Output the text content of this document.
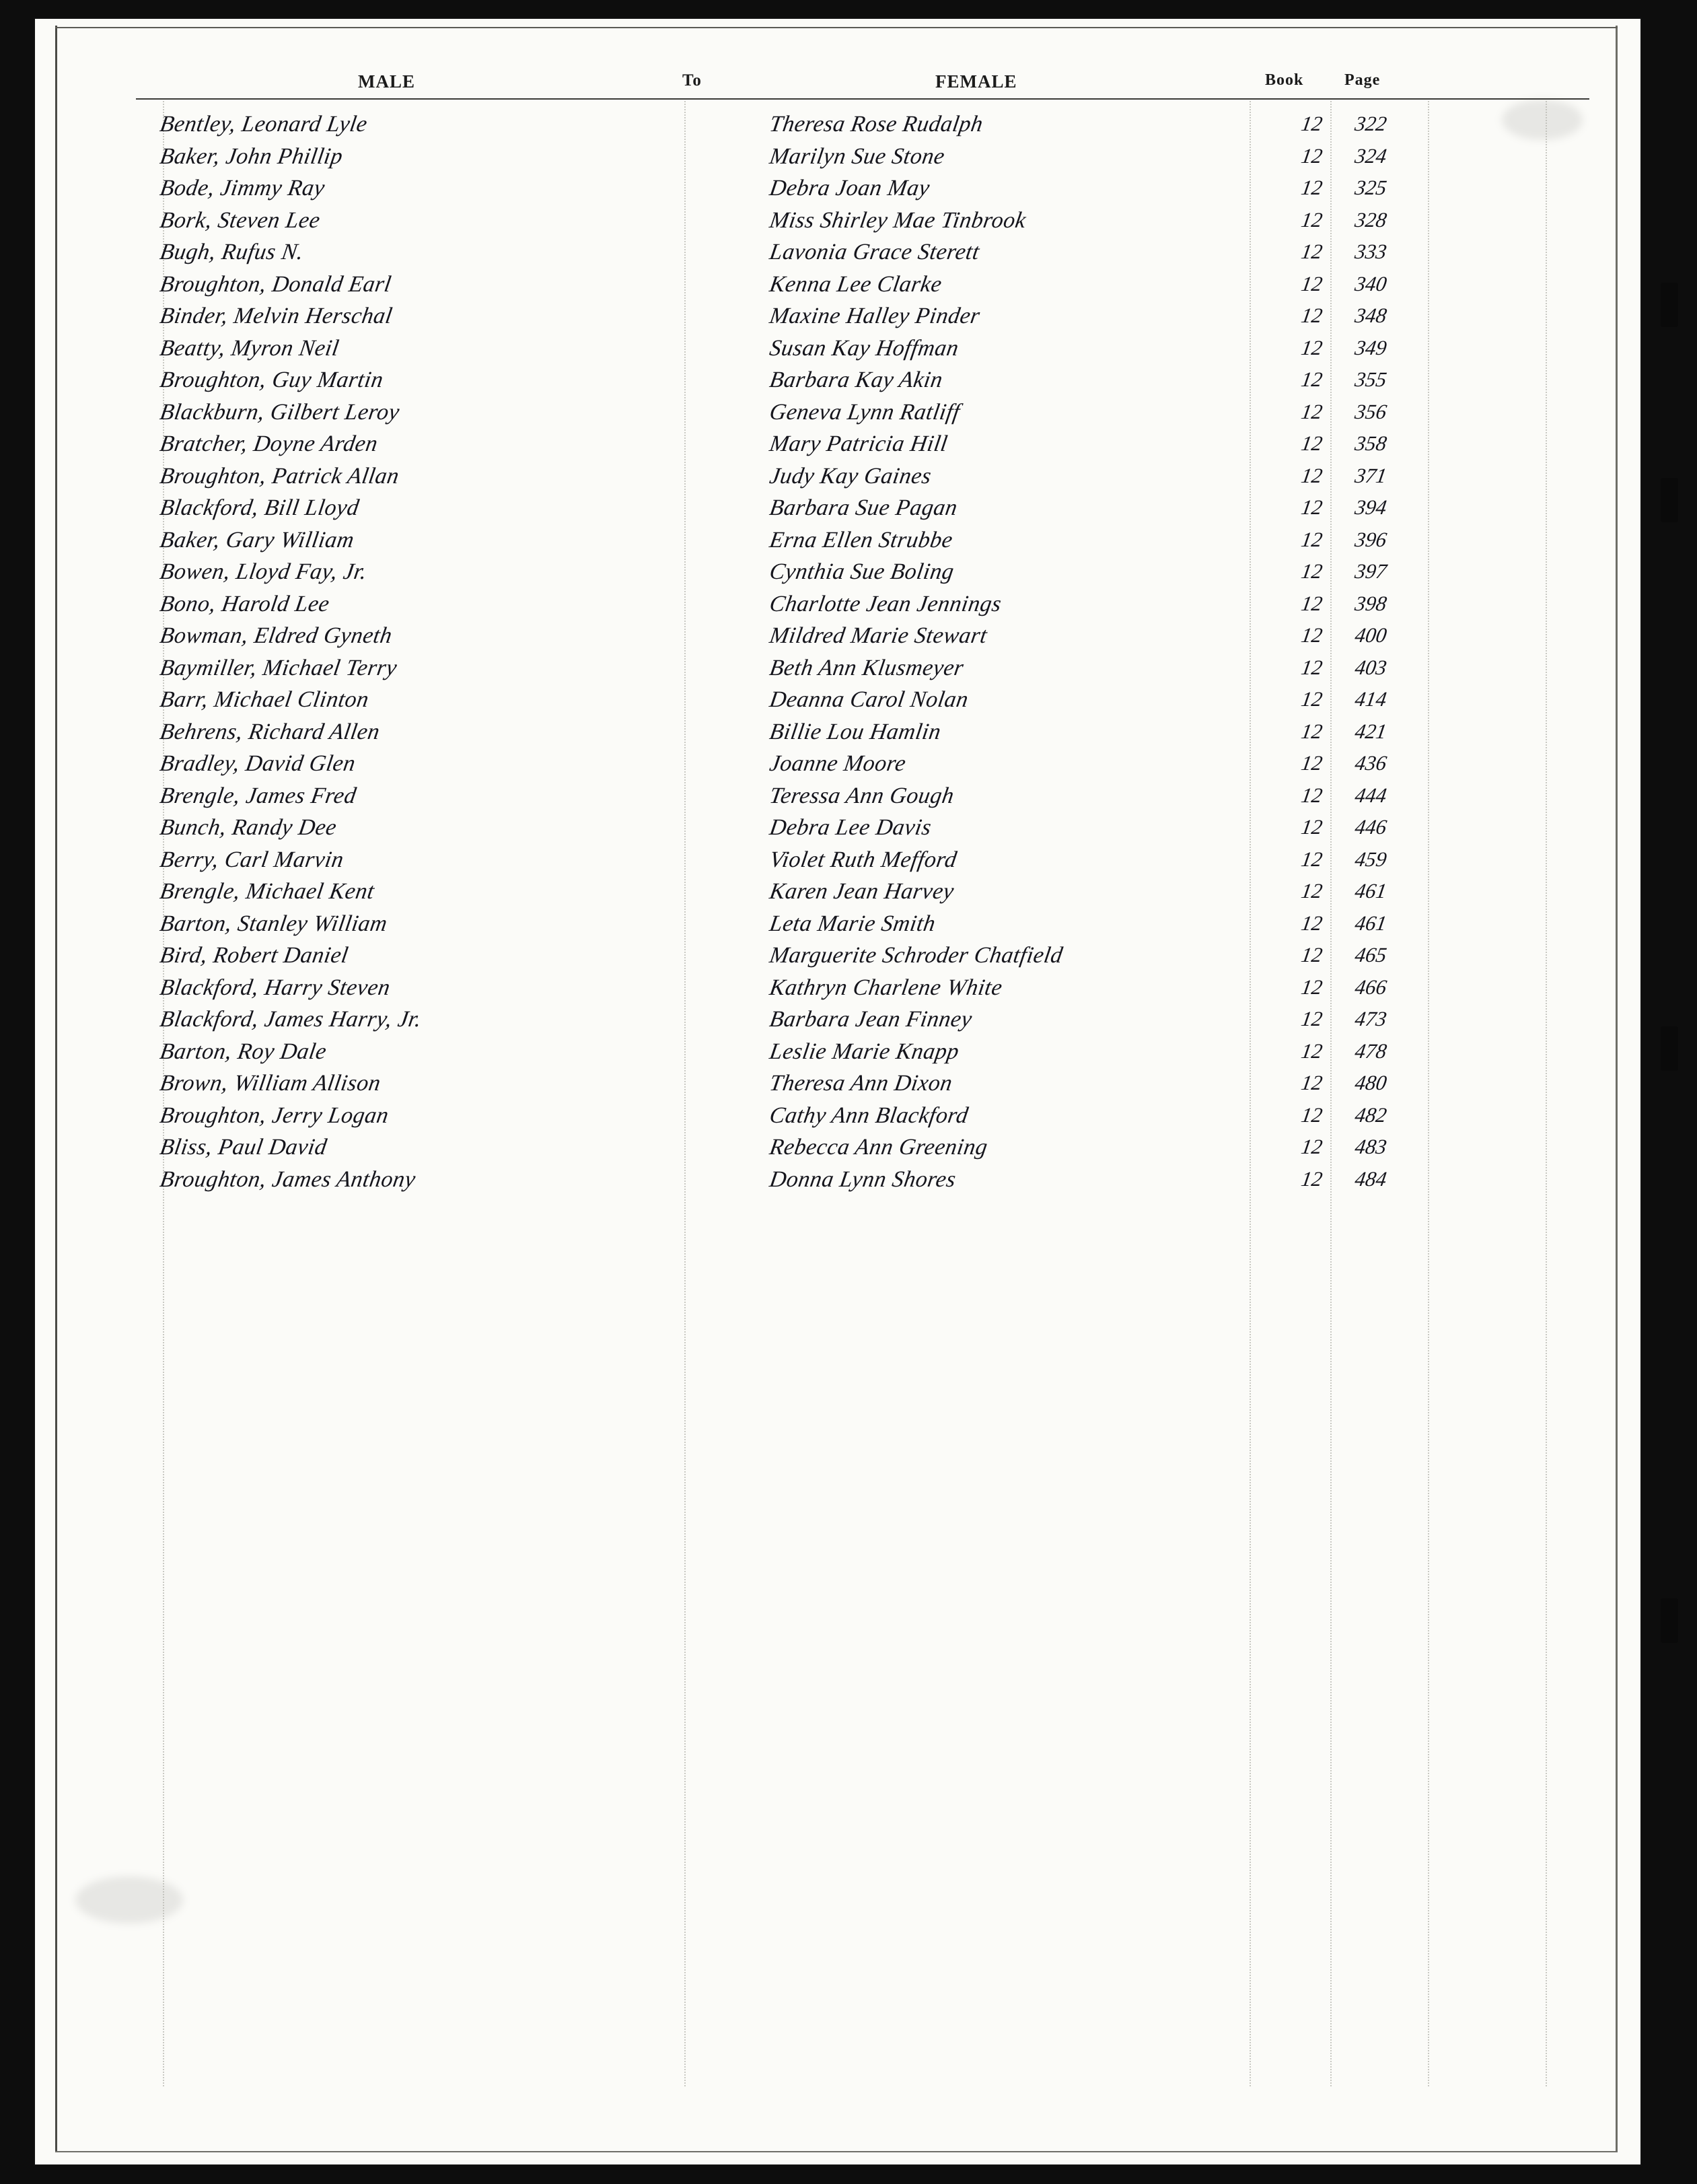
MALE	To	FEMALE	Book	Page
Bentley, Leonard Lyle	Theresa Rose Rudalph	12 322
Baker, John Phillip	Marilyn Sue Stone	12 324
Bode, Jimmy Ray	Debra Joan May	12 325
Bork, Steven Lee	Miss Shirley Mae Tinbrook	12 328
Bugh, Rufus N.	Lavonia Grace Sterett	12 333
Broughton, Donald Earl	Kenna Lee Clarke	12 340
Binder, Melvin Herschal	Maxine Halley Pinder	12 348
Beatty, Myron Neil	Susan Kay Hoffman	12 349
Broughton, Guy Martin	Barbara Kay Akin	12 355
Blackburn, Gilbert Leroy	Geneva Lynn Ratliff	12 356
Bratcher, Doyne Arden	Mary Patricia Hill	12 358
Broughton, Patrick Allan	Judy Kay Gaines	12 371
Blackford, Bill Lloyd	Barbara Sue Pagan	12 394
Baker, Gary William	Erna Ellen Strubbe	12 396
Bowen, Lloyd Fay, Jr.	Cynthia Sue Boling	12 397
Bono, Harold Lee	Charlotte Jean Jennings	12 398
Bowman, Eldred Gyneth	Mildred Marie Stewart	12 400
Baymiller, Michael Terry	Beth Ann Klusmeyer	12 403
Barr, Michael Clinton	Deanna Carol Nolan	12 414
Behrens, Richard Allen	Billie Lou Hamlin	12 421
Bradley, David Glen	Joanne Moore	12 436
Brengle, James Fred	Teressa Ann Gough	12 444
Bunch, Randy Dee	Debra Lee Davis	12 446
Berry, Carl Marvin	Violet Ruth Mefford	12 459
Brengle, Michael Kent	Karen Jean Harvey	12 461
Barton, Stanley William	Leta Marie Smith	12 461
Bird, Robert Daniel	Marguerite Schroder Chatfield	12 465
Blackford, Harry Steven	Kathryn Charlene White	12 466
Blackford, James Harry, Jr.	Barbara Jean Finney	12 473
Barton, Roy Dale	Leslie Marie Knapp	12 478
Brown, William Allison	Theresa Ann Dixon	12 480
Broughton, Jerry Logan	Cathy Ann Blackford	12 482
Bliss, Paul David	Rebecca Ann Greening	12 483
Broughton, James Anthony	Donna Lynn Shores	12 484
